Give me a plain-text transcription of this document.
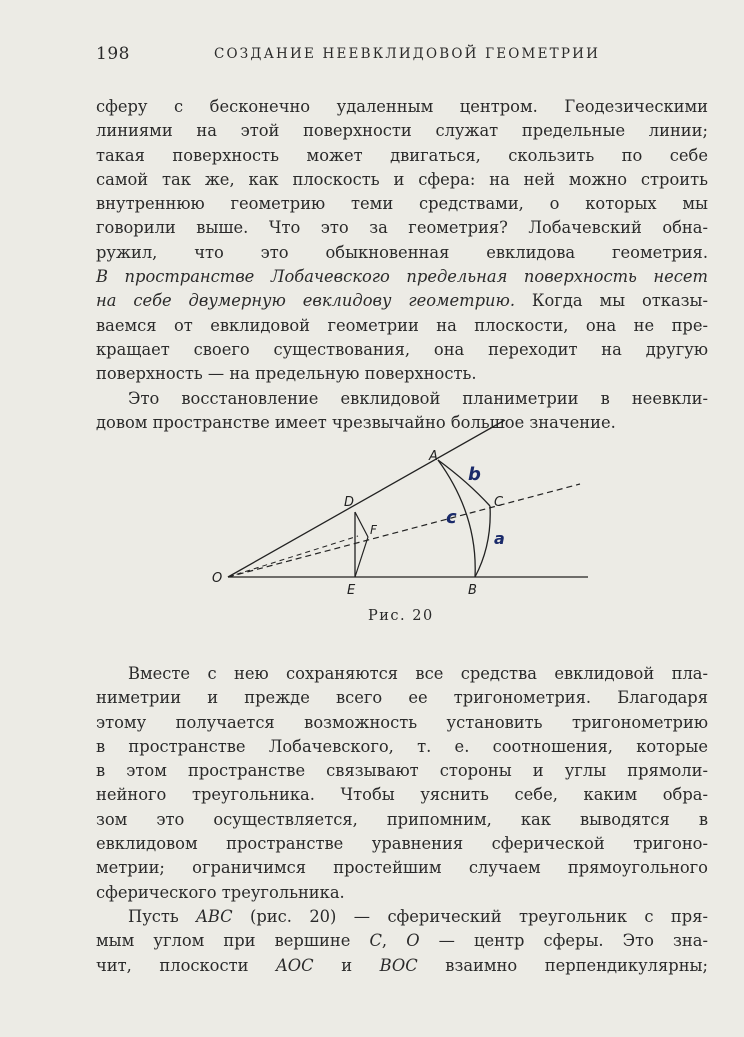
198	СОЗДАНИЕ НЕЕВКЛИДОВОЙ ГЕОМЕТРИИ
сферу с бесконечно удаленным центром. Геодезическими
линиями на этой поверхности служат предельные линии;
такая поверхность может двигаться, скользить по себе
самой так же, как плоскость и сфера: на ней можно строить
внутреннюю геометрию теми средствами, о которых мы
говорили выше. Что это за геометрия? Лобачевский обна-
ружил, что это обыкновенная евклидова геометрия.
В пространстве Лобачевского предельная поверхность несет
на себе двумерную евклидову геометрию. Когда мы отказы-
ваемся от евклидовой геометрии на плоскости, она не пре-
кращает своего существования, она переходит на другую
поверхность — на предельную поверхность.
Это восстановление евклидовой планиметрии в неевкли-
довом пространстве имеет чрезвычайно большое значение.
O
A
B
C
D
E
F
b
c
a
Рис. 20
Вместе с нею сохраняются все средства евклидовой пла-
ниметрии и прежде всего ее тригонометрия. Благодаря
этому получается возможность установить тригонометрию
в пространстве Лобачевского, т. е. соотношения, которые
в этом пространстве связывают стороны и углы прямоли-
нейного треугольника. Чтобы уяснить себе, каким обра-
зом это осуществляется, припомним, как выводятся в
евклидовом пространстве уравнения сферической тригоно-
метрии; ограничимся простейшим случаем прямоугольного
сферического треугольника.
Пусть ABC (рис. 20) — сферический треугольник с пря-
мым углом при вершине C, O — центр сферы. Это зна-
чит, плоскости AOC и BOC взаимно перпендикулярны;
